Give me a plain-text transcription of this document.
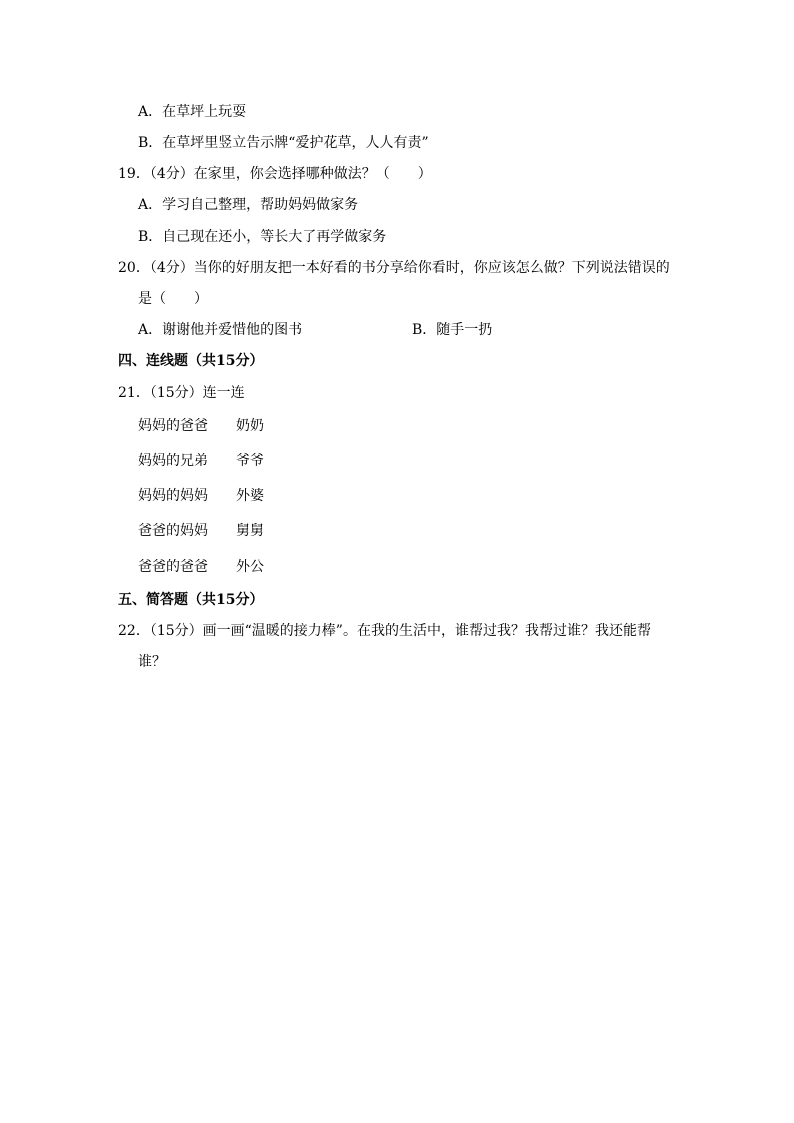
A．在草坪上玩耍
B．在草坪里竖立告示牌“爱护花草，人人有责”
19．（4分）在家里，你会选择哪种做法？（　　）
A．学习自己整理，帮助妈妈做家务
B．自己现在还小，等长大了再学做家务
20．（4分）当你的好朋友把一本好看的书分享给你看时，你应该怎么做？下列说法错误的
是（　　）
A．谢谢他并爱惜他的图书	B．随手一扔
四、连线题（共15分）
21．（15分）连一连
妈妈的爸爸 奶奶
妈妈的兄弟 爷爷
妈妈的妈妈 外婆
爸爸的妈妈 舅舅
爸爸的爸爸 外公
五、简答题（共15分）
22．（15分）画一画“温暖的接力棒”。在我的生活中，谁帮过我？我帮过谁？我还能帮
谁？
